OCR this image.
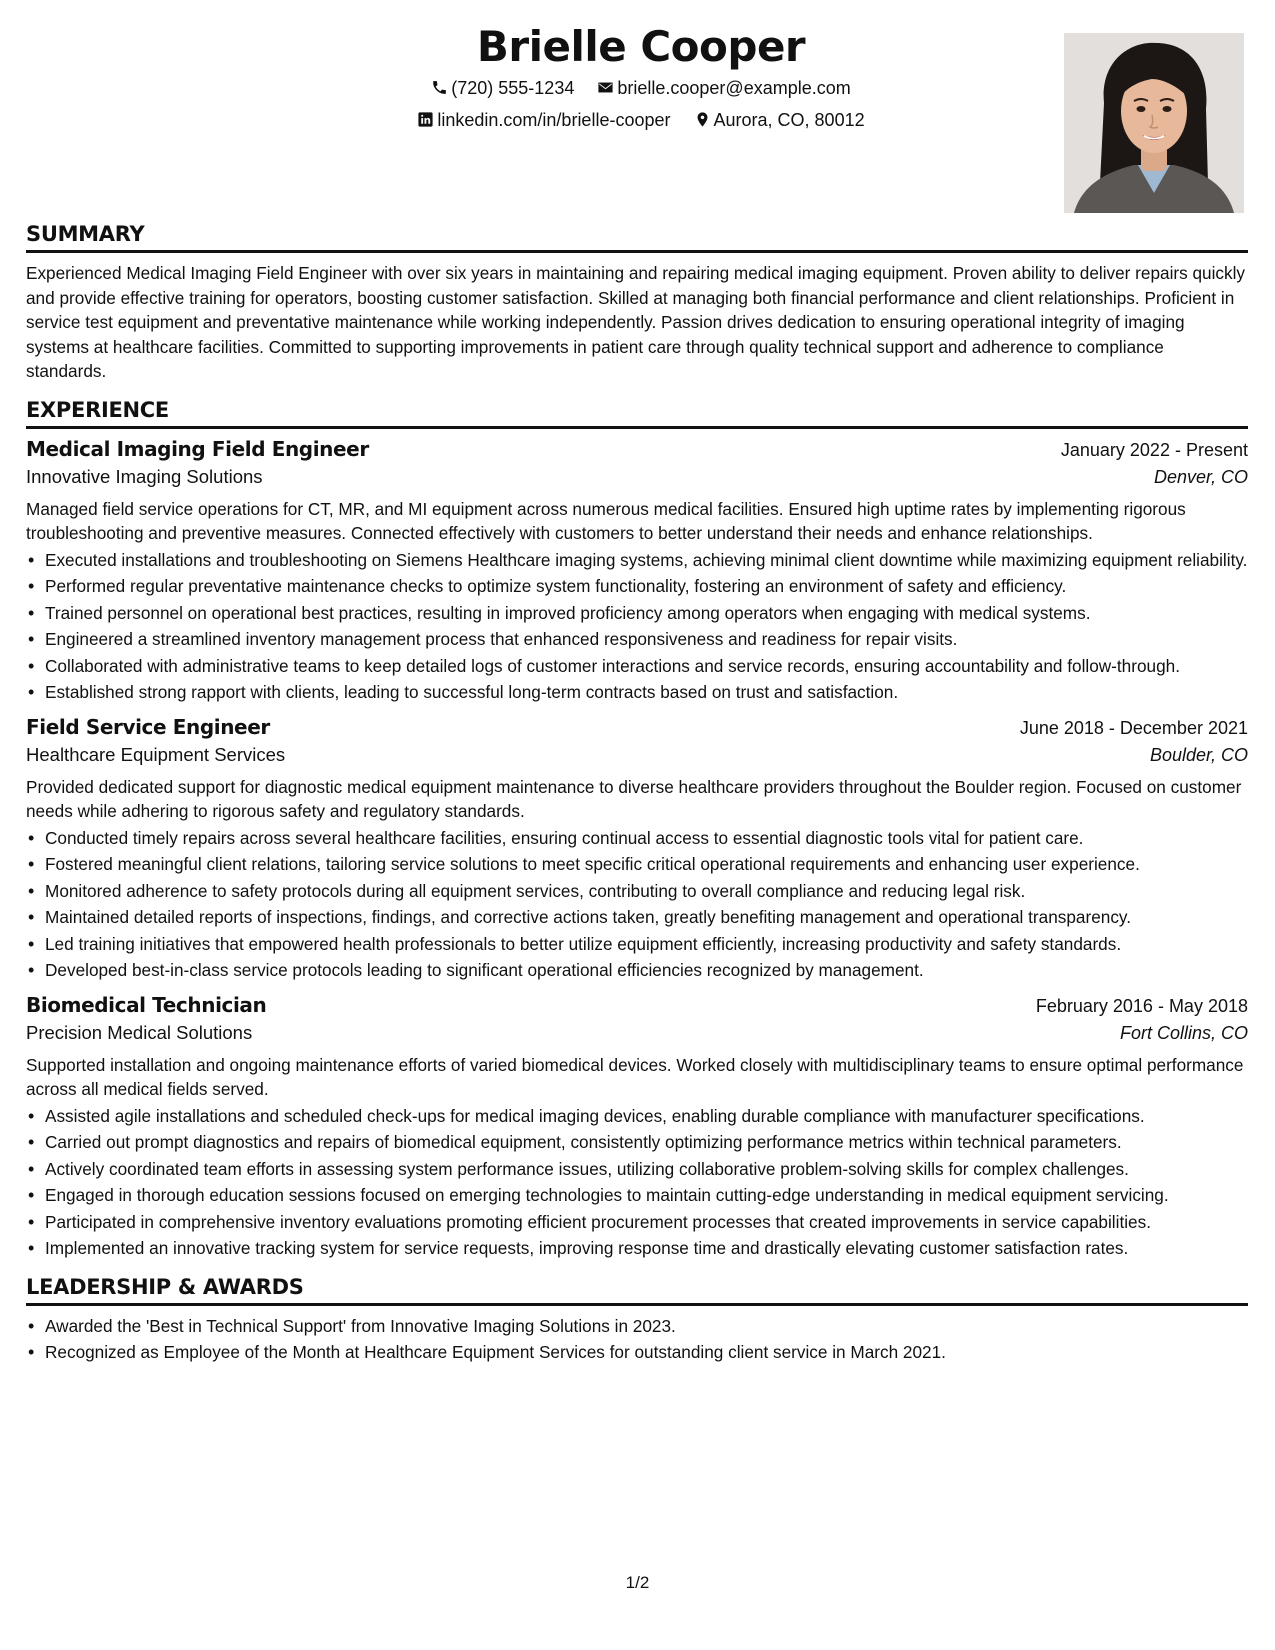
Brielle Cooper
(720) 555-1234 brielle.cooper@example.com
linkedin.com/in/brielle-cooper Aurora, CO, 80012
SUMMARY

Experienced Medical Imaging Field Engineer with over six years in maintaining and repairing medical imaging equipment. Proven ability to deliver repairs quickly and provide effective training for operators, boosting customer satisfaction. Skilled at managing both financial performance and client relationships. Proficient in service test equipment and preventative maintenance while working independently. Passion drives dedication to ensuring operational integrity of imaging systems at healthcare facilities. Committed to supporting improvements in patient care through quality technical support and adherence to compliance standards.

EXPERIENCE
Medical Imaging Field Engineer	January 2022 - Present
Innovative Imaging Solutions	Denver, CO
Managed field service operations for CT, MR, and MI equipment across numerous medical facilities. Ensured high uptime rates by implementing rigorous troubleshooting and preventive measures. Connected effectively with customers to better understand their needs and enhance relationships.
• Executed installations and troubleshooting on Siemens Healthcare imaging systems, achieving minimal client downtime while maximizing equipment reliability.
• Performed regular preventative maintenance checks to optimize system functionality, fostering an environment of safety and efficiency.
• Trained personnel on operational best practices, resulting in improved proficiency among operators when engaging with medical systems.
• Engineered a streamlined inventory management process that enhanced responsiveness and readiness for repair visits.
• Collaborated with administrative teams to keep detailed logs of customer interactions and service records, ensuring accountability and follow-through.
• Established strong rapport with clients, leading to successful long-term contracts based on trust and satisfaction.
Field Service Engineer	June 2018 - December 2021
Healthcare Equipment Services	Boulder, CO
Provided dedicated support for diagnostic medical equipment maintenance to diverse healthcare providers throughout the Boulder region. Focused on customer needs while adhering to rigorous safety and regulatory standards.
• Conducted timely repairs across several healthcare facilities, ensuring continual access to essential diagnostic tools vital for patient care.
• Fostered meaningful client relations, tailoring service solutions to meet specific critical operational requirements and enhancing user experience.
• Monitored adherence to safety protocols during all equipment services, contributing to overall compliance and reducing legal risk.
• Maintained detailed reports of inspections, findings, and corrective actions taken, greatly benefiting management and operational transparency.
• Led training initiatives that empowered health professionals to better utilize equipment efficiently, increasing productivity and safety standards.
• Developed best-in-class service protocols leading to significant operational efficiencies recognized by management.
Biomedical Technician	February 2016 - May 2018
Precision Medical Solutions	Fort Collins, CO
Supported installation and ongoing maintenance efforts of varied biomedical devices. Worked closely with multidisciplinary teams to ensure optimal performance across all medical fields served.
• Assisted agile installations and scheduled check-ups for medical imaging devices, enabling durable compliance with manufacturer specifications.
• Carried out prompt diagnostics and repairs of biomedical equipment, consistently optimizing performance metrics within technical parameters.
• Actively coordinated team efforts in assessing system performance issues, utilizing collaborative problem-solving skills for complex challenges.
• Engaged in thorough education sessions focused on emerging technologies to maintain cutting-edge understanding in medical equipment servicing.
• Participated in comprehensive inventory evaluations promoting efficient procurement processes that created improvements in service capabilities.
• Implemented an innovative tracking system for service requests, improving response time and drastically elevating customer satisfaction rates.
LEADERSHIP & AWARDS
• Awarded the 'Best in Technical Support' from Innovative Imaging Solutions in 2023.
• Recognized as Employee of the Month at Healthcare Equipment Services for outstanding client service in March 2021.
1/2
